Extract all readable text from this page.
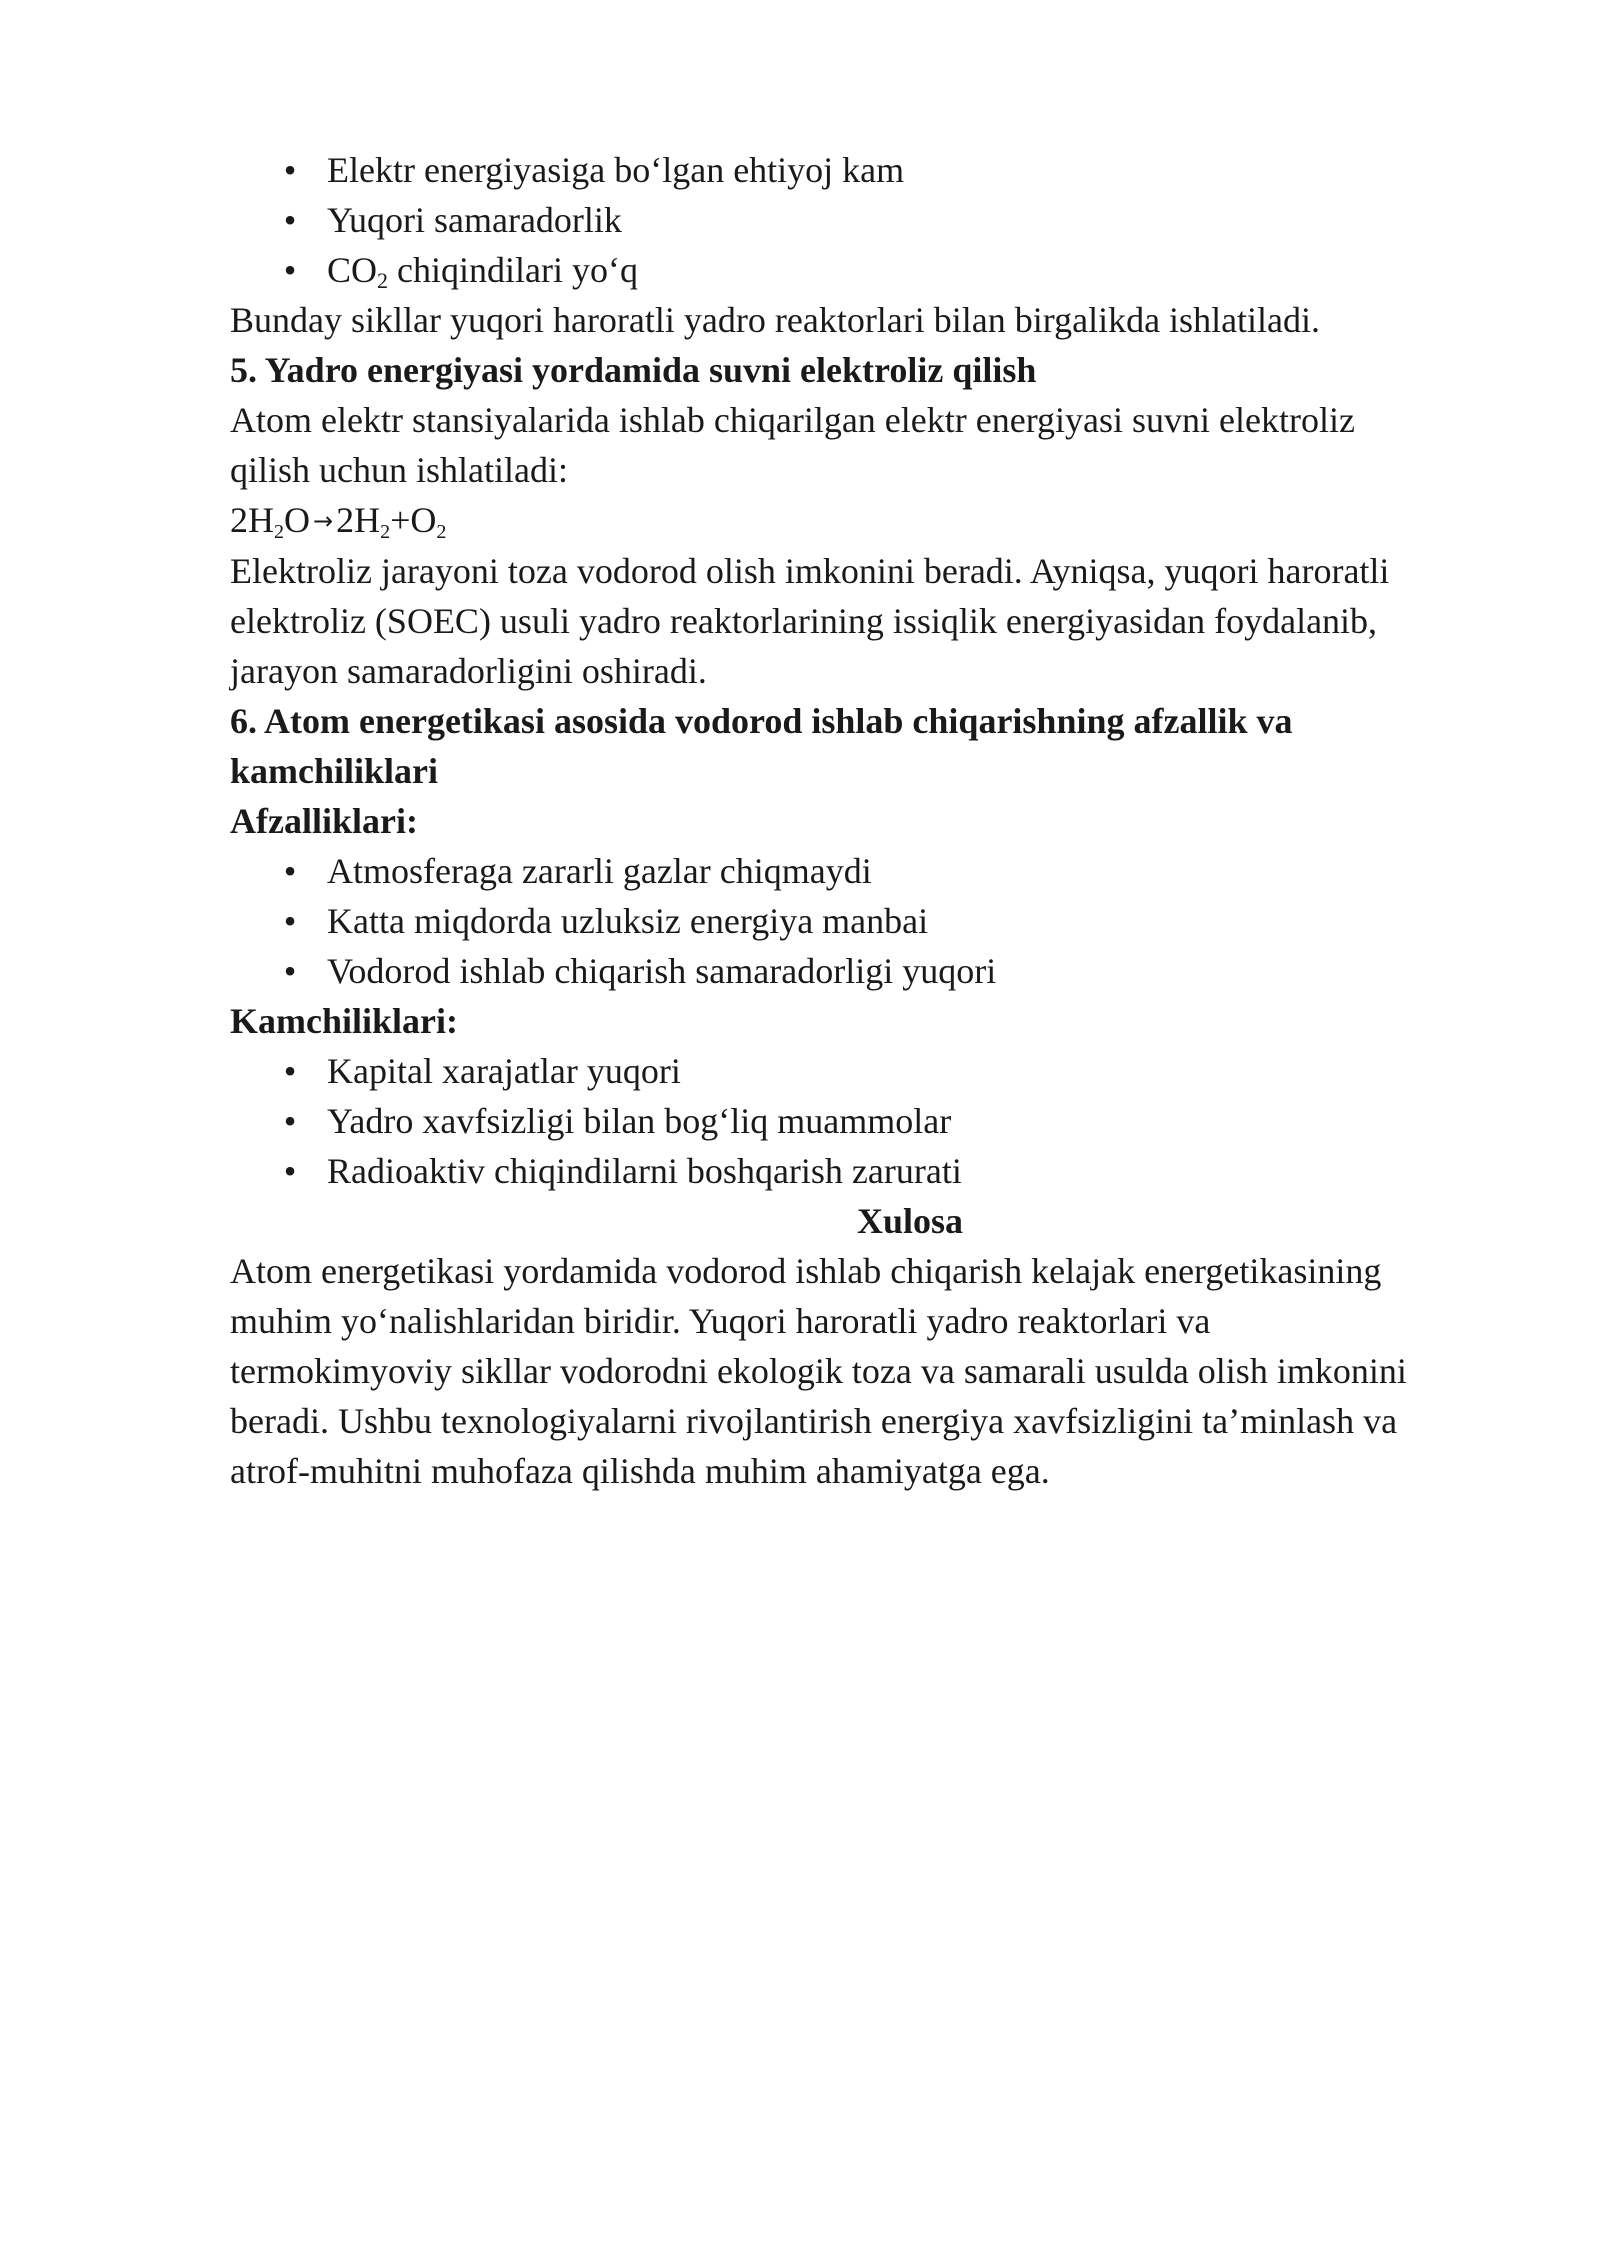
• Elektr energiyasiga bo‘lgan ehtiyoj kam
• Yuqori samaradorlik
• $CO_2$ chiqindilari yo‘q

Bunday sikllar yuqori haroratli yadro reaktorlari bilan birgalikda ishlatiladi.

5. Yadro energiyasi yordamida suvni elektroliz qilish

Atom elektr stansiyalarida ishlab chiqarilgan elektr energiyasi suvni elektroliz

qilish uchun ishlatiladi:

$2H_2O \to 2H_2+O_2$

Elektroliz jarayoni toza vodorod olish imkonini beradi. Ayniqsa, yuqori haroratli

elektroliz (SOEC) usuli yadro reaktorlarining issiqlik energiyasidan foydalanib,

jarayon samaradorligini oshiradi.

6. Atom energetikasi asosida vodorod ishlab chiqarishning afzallik va

kamchiliklari

Afzalliklari:

• Atmosferaga zararli gazlar chiqmaydi
• Katta miqdorda uzluksiz energiya manbai
• Vodorod ishlab chiqarish samaradorligi yuqori

Kamchiliklari:

• Kapital xarajatlar yuqori
• Yadro xavfsizligi bilan bog‘liq muammolar
• Radioaktiv chiqindilarni boshqarish zarurati

Xulosa

Atom energetikasi yordamida vodorod ishlab chiqarish kelajak energetikasining

muhim yo‘nalishlaridan biridir. Yuqori haroratli yadro reaktorlari va

termokimyoviy sikllar vodorodni ekologik toza va samarali usulda olish imkonini

beradi. Ushbu texnologiyalarni rivojlantirish energiya xavfsizligini ta’minlash va

atrof-muhitni muhofaza qilishda muhim ahamiyatga ega.
